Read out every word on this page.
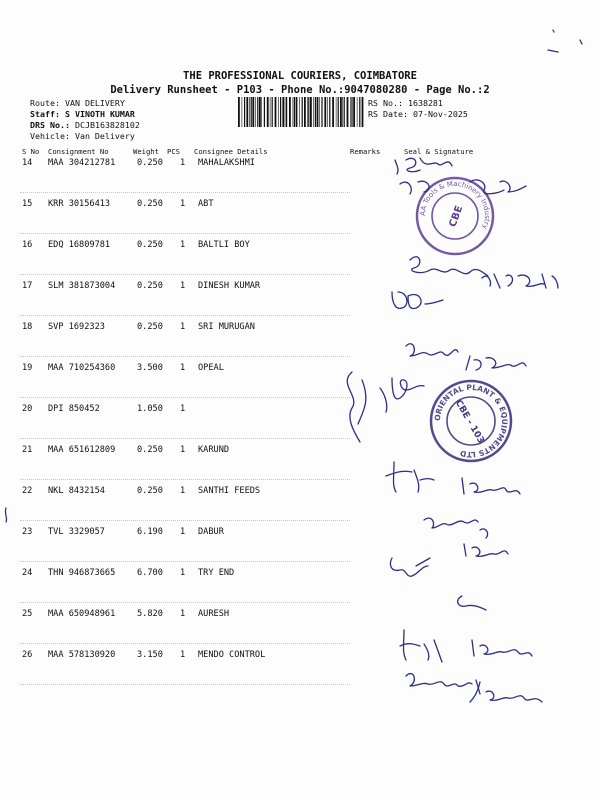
THE PROFESSIONAL COURIERS, COIMBATORE
Delivery Runsheet - P103 - Phone No.:9047080280 - Page No.:2
Route: VAN DELIVERY
Staff: S VINOTH KUMAR
DRS No.: DCJB163828102
Vehicle: Van Delivery
RS No.: 1638281
RS Date: 07-Nov-2025
S No Consignment No	Weight PCS Consignee Details	Remarks	Seal & Signature
14 MAA 304212781	0.250 1 MAHALAKSHMI
15 KRR 30156413	0.250 1 ABT
16 EDQ 16809781	0.250 1 BALTLI BOY
17 SLM 381873004	0.250 1 DINESH KUMAR
18 SVP 1692323	0.250 1 SRI MURUGAN
19 MAA 710254360	3.500 1 OPEAL
20 DPI 850452	1.050 1
21 MAA 651612809	0.250 1 KARUND
22 NKL 8432154	0.250 1 SANTHI FEEDS
23 TVL 3329057	6.190 1 DABUR
24 THN 946873665	6.700 1 TRY END
25 MAA 650948961	5.820 1 AURESH
26 MAA 578130920	3.150 1 MENDO CONTROL
AA Tools & Machinery Industry
CBE
ORIENTAL PLANT & EQUIPMENTS LTD
CBE - 103
